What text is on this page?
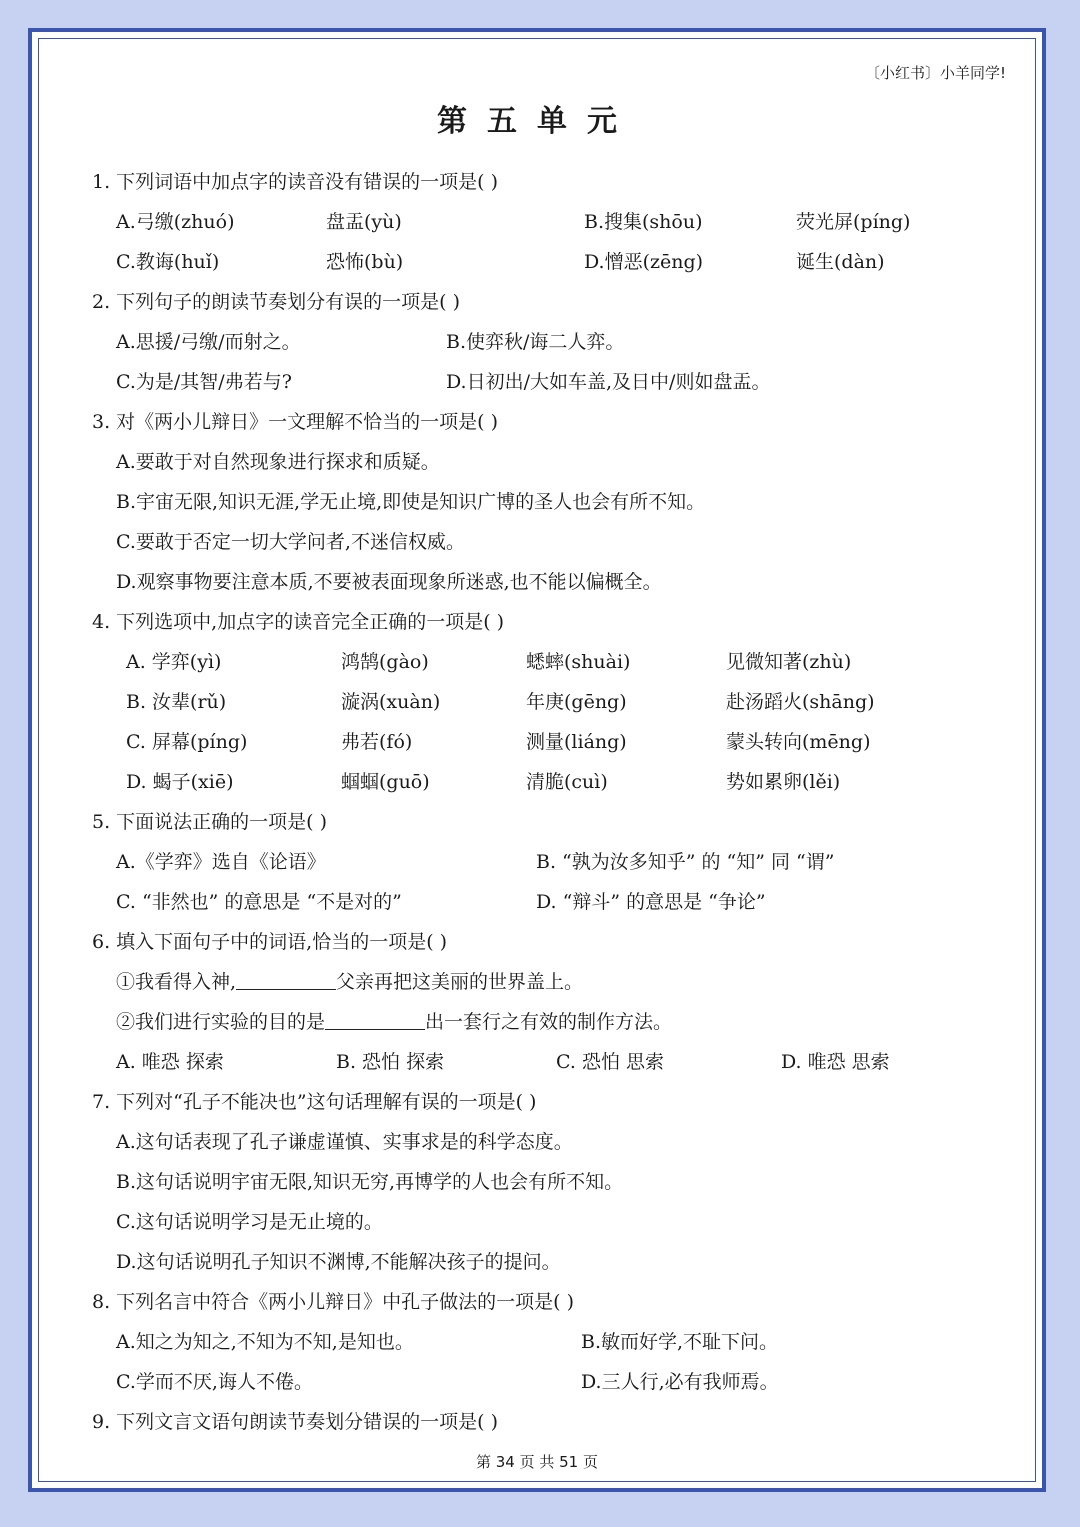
〔小红书〕小羊同学!
第五单元
1. 下列词语中加点字的读音没有错误的一项是( )
A.弓缴(zhuó)	盘盂(yù)	B.搜集(shōu)	荧光屏(píng)
C.教诲(huǐ)	恐怖(bù)	D.憎恶(zēng)	诞生(dàn)
2. 下列句子的朗读节奏划分有误的一项是( )
A.思援/弓缴/而射之。	B.使弈秋/诲二人弈。
C.为是/其智/弗若与?	D.日初出/大如车盖,及日中/则如盘盂。
3. 对《两小儿辩日》一文理解不恰当的一项是( )
A.要敢于对自然现象进行探求和质疑。
B.宇宙无限,知识无涯,学无止境,即使是知识广博的圣人也会有所不知。
C.要敢于否定一切大学问者,不迷信权威。
D.观察事物要注意本质,不要被表面现象所迷惑,也不能以偏概全。
4. 下列选项中,加点字的读音完全正确的一项是( )
A. 学弈(yì)	鸿鹄(gào)	蟋蟀(shuài)	见微知著(zhù)
B. 汝辈(rǔ)	漩涡(xuàn)	年庚(gēng)	赴汤蹈火(shāng)
C. 屏幕(píng)	弗若(fó)	测量(liáng)	蒙头转向(mēng)
D. 蝎子(xiē)	蝈蝈(guō)	清脆(cuì)	势如累卵(lěi)
5. 下面说法正确的一项是( )
A.《学弈》选自《论语》	B. “孰为汝多知乎” 的 “知” 同 “谓”
C. “非然也” 的意思是 “不是对的”	D. “辩斗” 的意思是 “争论”
6. 填入下面句子中的词语,恰当的一项是( )
①我看得入神,	父亲再把这美丽的世界盖上。
②我们进行实验的目的是	出一套行之有效的制作方法。
A. 唯恐 探索	B. 恐怕 探索	C. 恐怕 思索	D. 唯恐 思索
7. 下列对“孔子不能决也”这句话理解有误的一项是( )
A.这句话表现了孔子谦虚谨慎、实事求是的科学态度。
B.这句话说明宇宙无限,知识无穷,再博学的人也会有所不知。
C.这句话说明学习是无止境的。
D.这句话说明孔子知识不渊博,不能解决孩子的提问。
8. 下列名言中符合《两小儿辩日》中孔子做法的一项是( )
A.知之为知之,不知为不知,是知也。	B.敏而好学,不耻下问。
C.学而不厌,诲人不倦。	D.三人行,必有我师焉。
9. 下列文言文语句朗读节奏划分错误的一项是( )
第 34 页 共 51 页
